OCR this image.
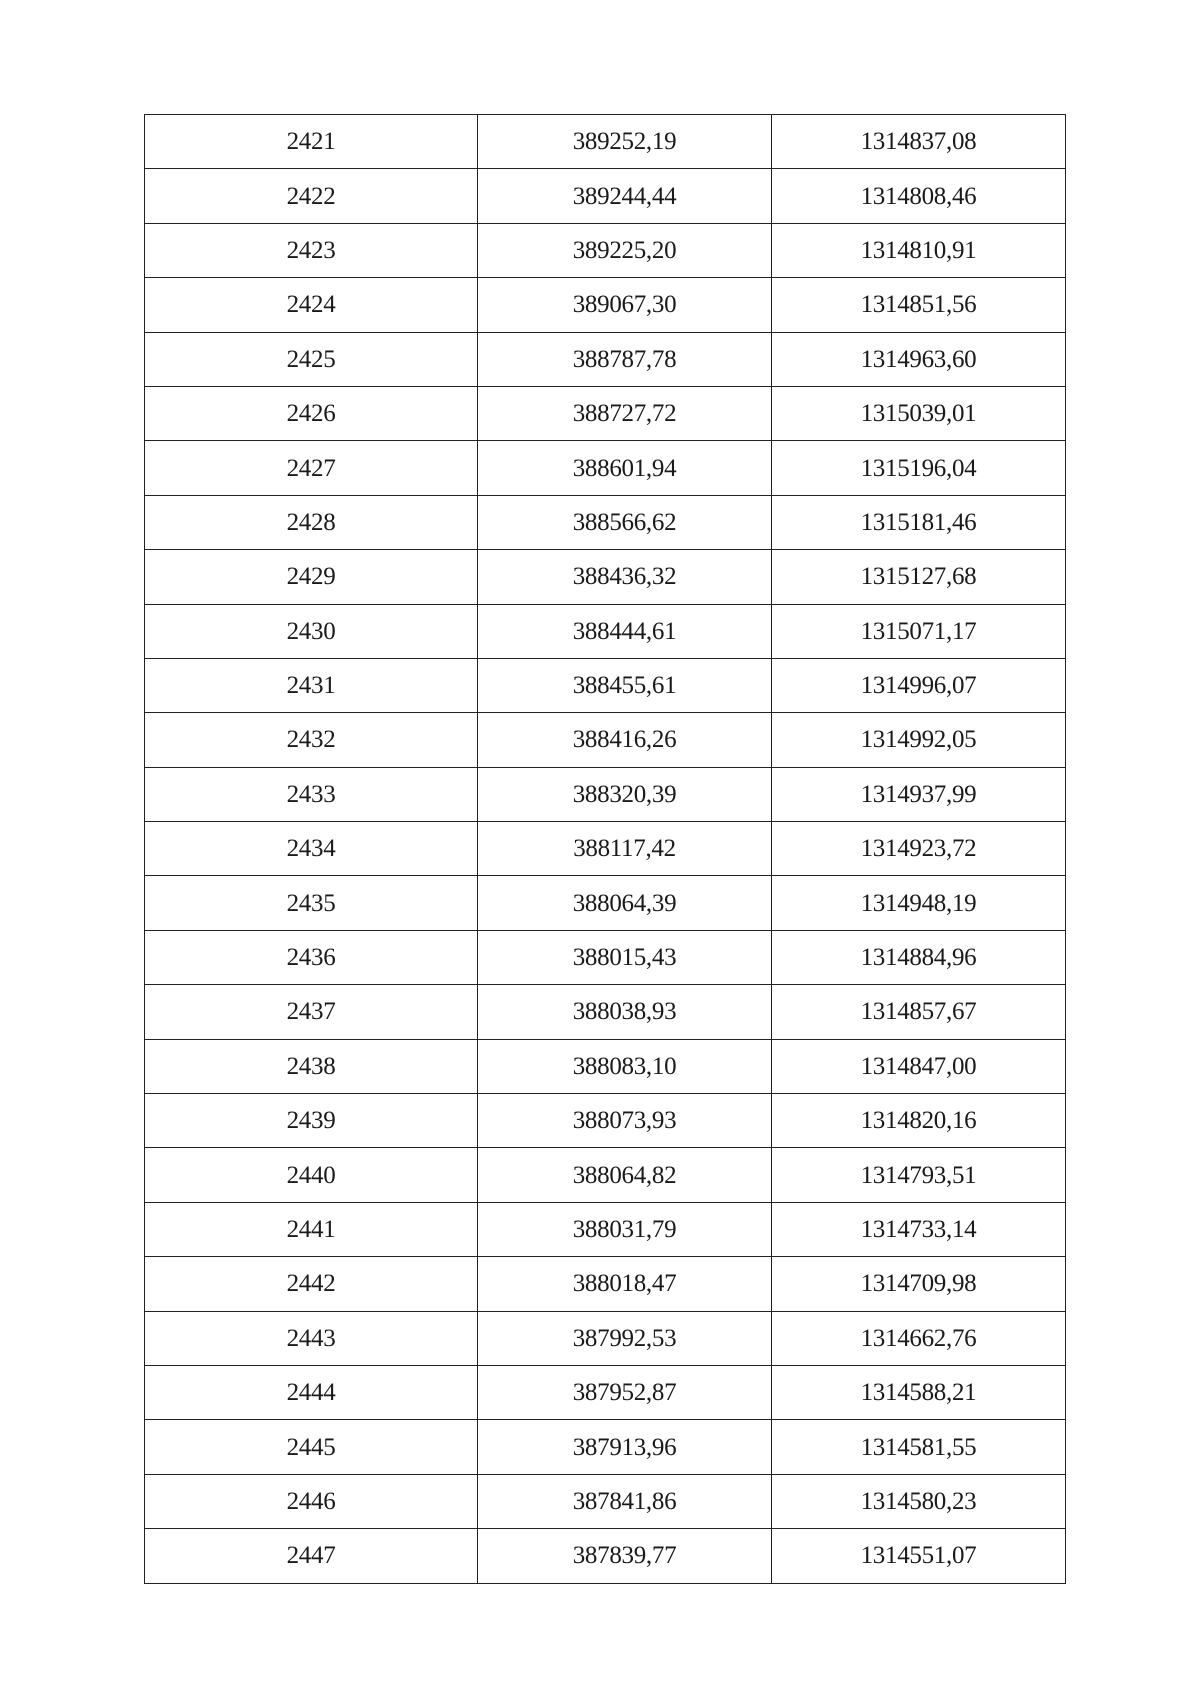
2421	389252,19	1314837,08
2422	389244,44	1314808,46
2423	389225,20	1314810,91
2424	389067,30	1314851,56
2425	388787,78	1314963,60
2426	388727,72	1315039,01
2427	388601,94	1315196,04
2428	388566,62	1315181,46
2429	388436,32	1315127,68
2430	388444,61	1315071,17
2431	388455,61	1314996,07
2432	388416,26	1314992,05
2433	388320,39	1314937,99
2434	388117,42	1314923,72
2435	388064,39	1314948,19
2436	388015,43	1314884,96
2437	388038,93	1314857,67
2438	388083,10	1314847,00
2439	388073,93	1314820,16
2440	388064,82	1314793,51
2441	388031,79	1314733,14
2442	388018,47	1314709,98
2443	387992,53	1314662,76
2444	387952,87	1314588,21
2445	387913,96	1314581,55
2446	387841,86	1314580,23
2447	387839,77	1314551,07
